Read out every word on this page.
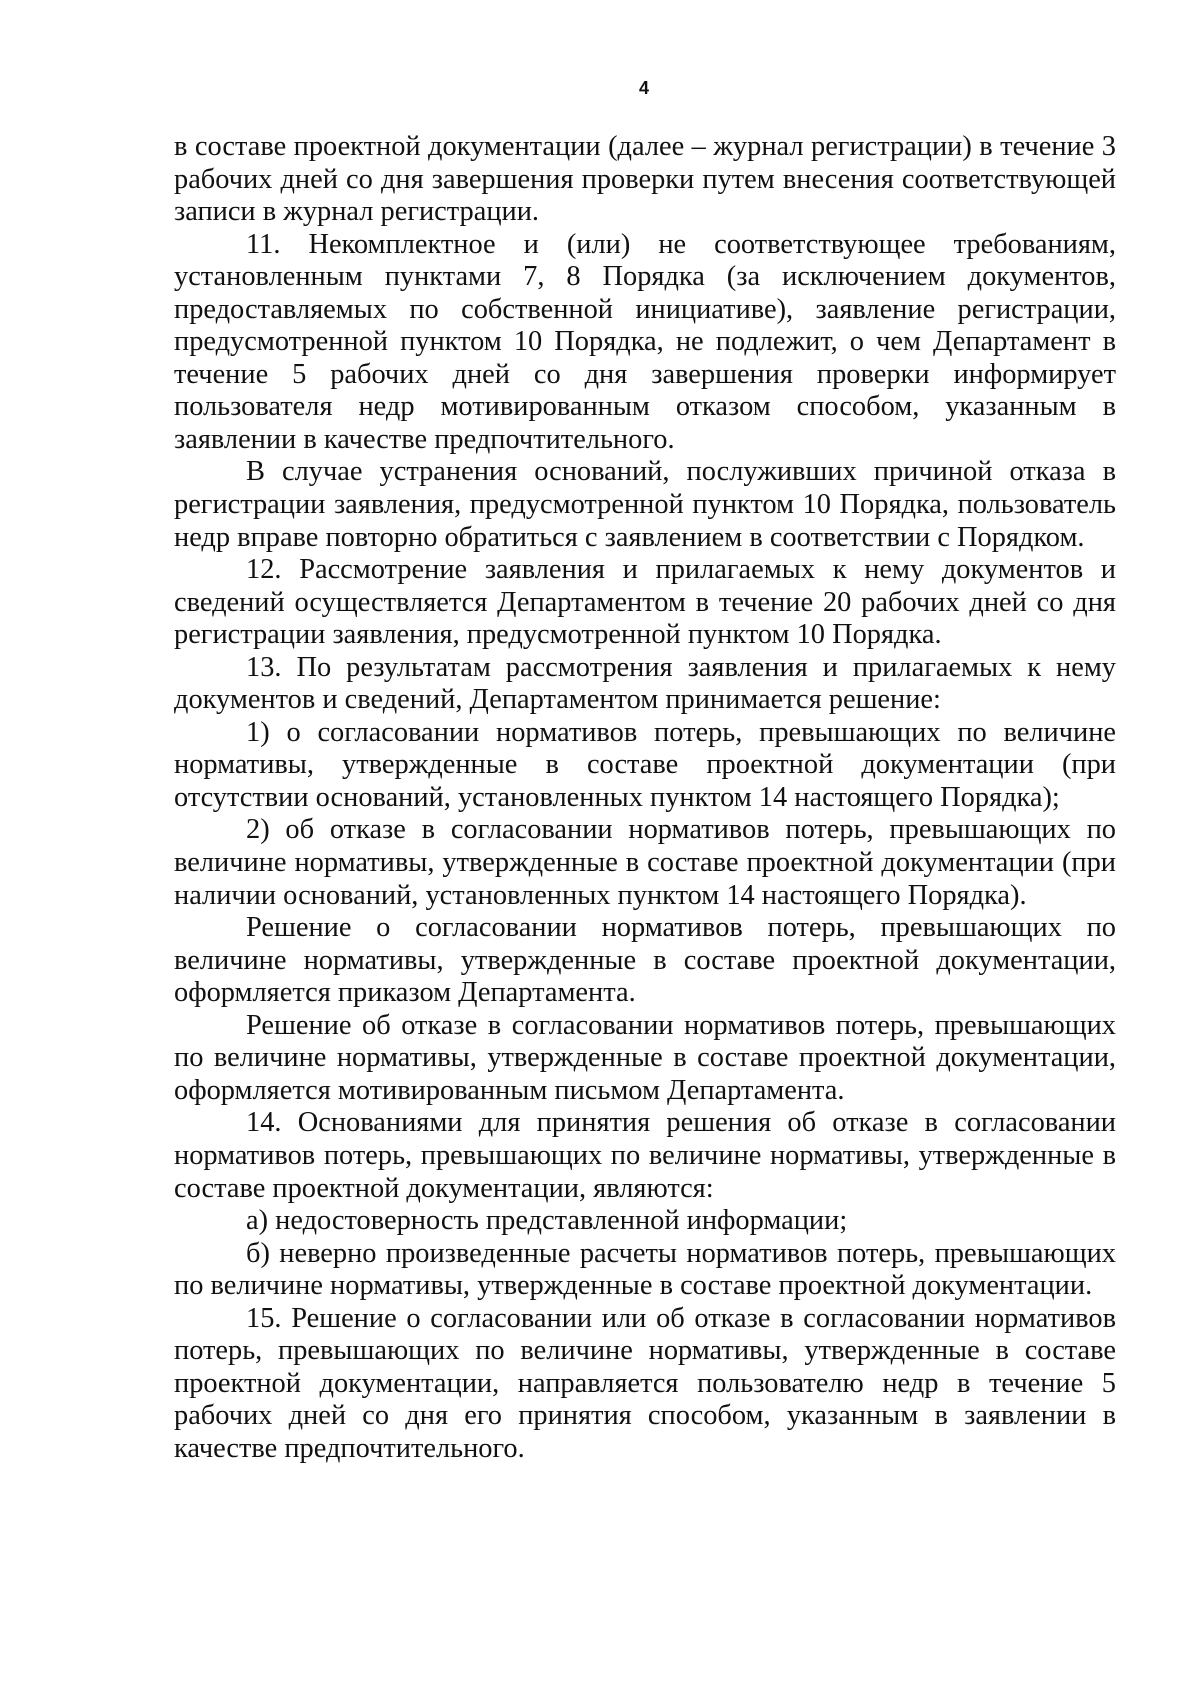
4

в составе проектной документации (далее – журнал регистрации) в течение 3 рабочих дней со дня завершения проверки путем внесения соответствующей записи в журнал регистрации.

11. Некомплектное и (или) не соответствующее требованиям, установленным пунктами 7, 8 Порядка (за исключением документов, предоставляемых по собственной инициативе), заявление регистрации, предусмотренной пунктом 10 Порядка, не подлежит, о чем Департамент в течение 5 рабочих дней со дня завершения проверки информирует пользователя недр мотивированным отказом способом, указанным в заявлении в качестве предпочтительного.

В случае устранения оснований, послуживших причиной отказа в регистрации заявления, предусмотренной пунктом 10 Порядка, пользователь недр вправе повторно обратиться с заявлением в соответствии с Порядком.

12. Рассмотрение заявления и прилагаемых к нему документов и сведений осуществляется Департаментом в течение 20 рабочих дней со дня регистрации заявления, предусмотренной пунктом 10 Порядка.

13. По результатам рассмотрения заявления и прилагаемых к нему документов и сведений, Департаментом принимается решение:

1) о согласовании нормативов потерь, превышающих по величине нормативы, утвержденные в составе проектной документации (при отсутствии оснований, установленных пунктом 14 настоящего Порядка);

2) об отказе в согласовании нормативов потерь, превышающих по величине нормативы, утвержденные в составе проектной документации (при наличии оснований, установленных пунктом 14 настоящего Порядка).

Решение о согласовании нормативов потерь, превышающих по величине нормативы, утвержденные в составе проектной документации, оформляется приказом Департамента.

Решение об отказе в согласовании нормативов потерь, превышающих по величине нормативы, утвержденные в составе проектной документации, оформляется мотивированным письмом Департамента.

14. Основаниями для принятия решения об отказе в согласовании нормативов потерь, превышающих по величине нормативы, утвержденные в составе проектной документации, являются:

а) недостоверность представленной информации;

б) неверно произведенные расчеты нормативов потерь, превышающих по величине нормативы, утвержденные в составе проектной документации.

15. Решение о согласовании или об отказе в согласовании нормативов потерь, превышающих по величине нормативы, утвержденные в составе проектной документации, направляется пользователю недр в течение 5 рабочих дней со дня его принятия способом, указанным в заявлении в качестве предпочтительного.
